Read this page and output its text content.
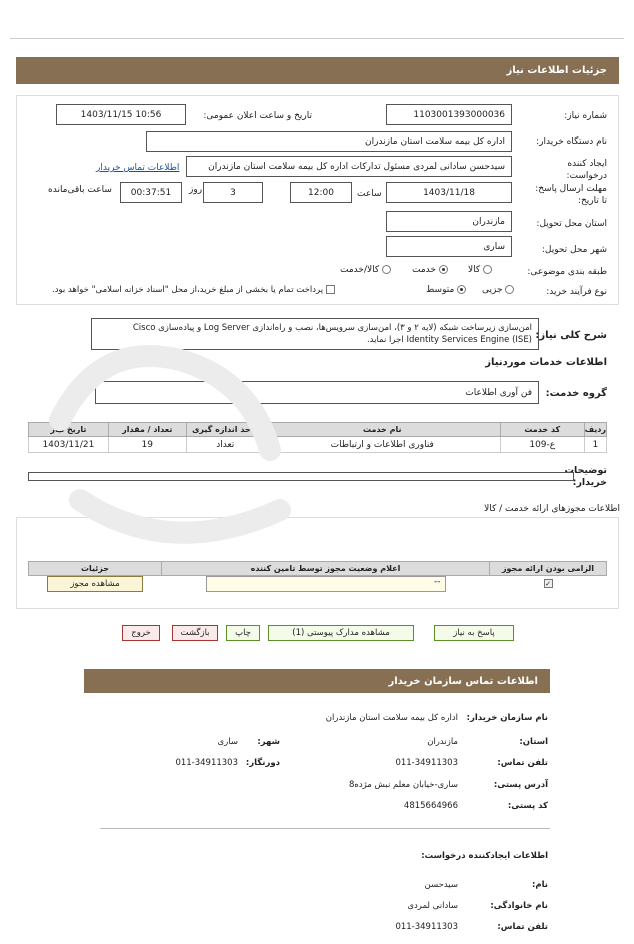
جزئیات اطلاعات نیاز
شماره نیاز:
1103001393000036
تاریخ و ساعت اعلان عمومی:
1403/11/15 10:56
نام دستگاه خریدار:
اداره کل بیمه سلامت استان مازندران
ایجاد کننده درخواست:
سیدحسن سادانی لمردی مسئول تدارکات اداره کل بیمه سلامت استان مازندران
اطلاعات تماس خریدار
مهلت ارسال پاسخ: تا تاریخ:
1403/11/18
ساعت
12:00
3
روز
00:37:51
ساعت باقی‌مانده
استان محل تحویل:
مازندران
شهر محل تحویل:
ساری
طبقه بندی موضوعی:
کالا
خدمت
کالا/خدمت
نوع فرآیند خرید:
جزیی
متوسط
پرداخت تمام یا بخشی از مبلغ خرید،از محل "اسناد خزانه اسلامی" خواهد بود.
شرح کلی نیاز:
امن‌سازی زیرساخت شبکه (لایه ۲ و ۳)، امن‌سازی سرویس‌ها، نصب و راه‌اندازی Log Server و پیاده‌سازی Cisco Identity Services Engine (ISE) اجرا نماید.
اطلاعات خدمات موردنیاز
گروه خدمت:
فن آوری اطلاعات
ردیف	کد خدمت	نام خدمت	واحد اندازه گیری	تعداد / مقدار	تاریخ نیاز
1	ع-109	فناوری اطلاعات و ارتباطات	تعداد	19	1403/11/21
توضیحات خریدار:
اطلاعات مجوزهای ارائه خدمت / کالا
الزامی بودن ارائه مجوز	اعلام وضعیت مجوز توسط تامین کننده	جزئیات
✓	--	مشاهده مجوز
پاسخ به نیاز
مشاهده مدارک پیوستی (1)
چاپ
بازگشت
خروج
اطلاعات تماس سازمان خریدار
نام سازمان خریدار:
اداره کل بیمه سلامت استان مازندران
استان:
مازندران
شهر:
ساری
تلفن تماس:
011-34911303
دورنگار:
011-34911303
آدرس پستی:
ساری-خیابان معلم نبش مژده8
کد پستی:
4815664966
اطلاعات ایجادکننده درخواست:
نام:
سیدحسن
نام خانوادگی:
سادانی لمردی
تلفن تماس:
011-34911303
